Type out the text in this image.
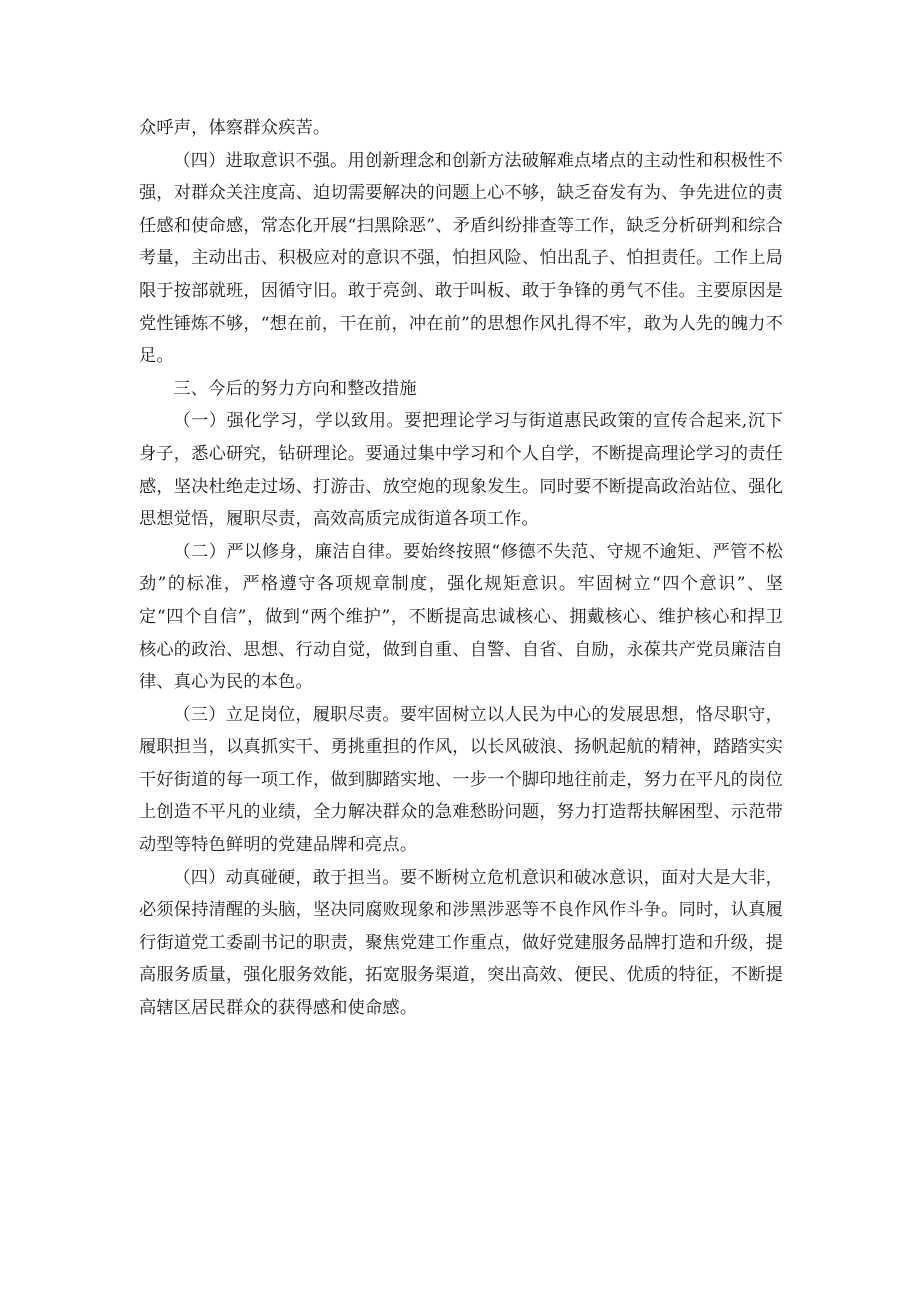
众呼声，体察群众疾苦。

（四）进取意识不强。用创新理念和创新方法破解难点堵点的主动性和积极性不强，对群众关注度高、迫切需要解决的问题上心不够，缺乏奋发有为、争先进位的责任感和使命感，常态化开展“扫黑除恶”、矛盾纠纷排查等工作，缺乏分析研判和综合考量，主动出击、积极应对的意识不强，怕担风险、怕出乱子、怕担责任。工作上局限于按部就班，因循守旧。敢于亮剑、敢于叫板、敢于争锋的勇气不佳。主要原因是党性锤炼不够，“想在前，干在前，冲在前”的思想作风扎得不牢，敢为人先的魄力不足。

三、今后的努力方向和整改措施

（一）强化学习，学以致用。要把理论学习与街道惠民政策的宣传合起来,沉下身子，悉心研究，钻研理论。要通过集中学习和个人自学，不断提高理论学习的责任感，坚决杜绝走过场、打游击、放空炮的现象发生。同时要不断提高政治站位、强化思想觉悟，履职尽责，高效高质完成街道各项工作。

（二）严以修身，廉洁自律。要始终按照“修德不失范、守规不逾矩、严管不松劲”的标准，严格遵守各项规章制度，强化规矩意识。牢固树立“四个意识”、坚定“四个自信”，做到“两个维护”，不断提高忠诚核心、拥戴核心、维护核心和捍卫核心的政治、思想、行动自觉，做到自重、自警、自省、自励，永葆共产党员廉洁自律、真心为民的本色。

（三）立足岗位，履职尽责。要牢固树立以人民为中心的发展思想，恪尽职守，履职担当，以真抓实干、勇挑重担的作风，以长风破浪、扬帆起航的精神，踏踏实实干好街道的每一项工作，做到脚踏实地、一步一个脚印地往前走，努力在平凡的岗位上创造不平凡的业绩，全力解决群众的急难愁盼问题，努力打造帮扶解困型、示范带动型等特色鲜明的党建品牌和亮点。

（四）动真碰硬，敢于担当。要不断树立危机意识和破冰意识，面对大是大非，必须保持清醒的头脑，坚决同腐败现象和涉黑涉恶等不良作风作斗争。同时，认真履行街道党工委副书记的职责，聚焦党建工作重点，做好党建服务品牌打造和升级，提高服务质量，强化服务效能，拓宽服务渠道，突出高效、便民、优质的特征，不断提高辖区居民群众的获得感和使命感。
